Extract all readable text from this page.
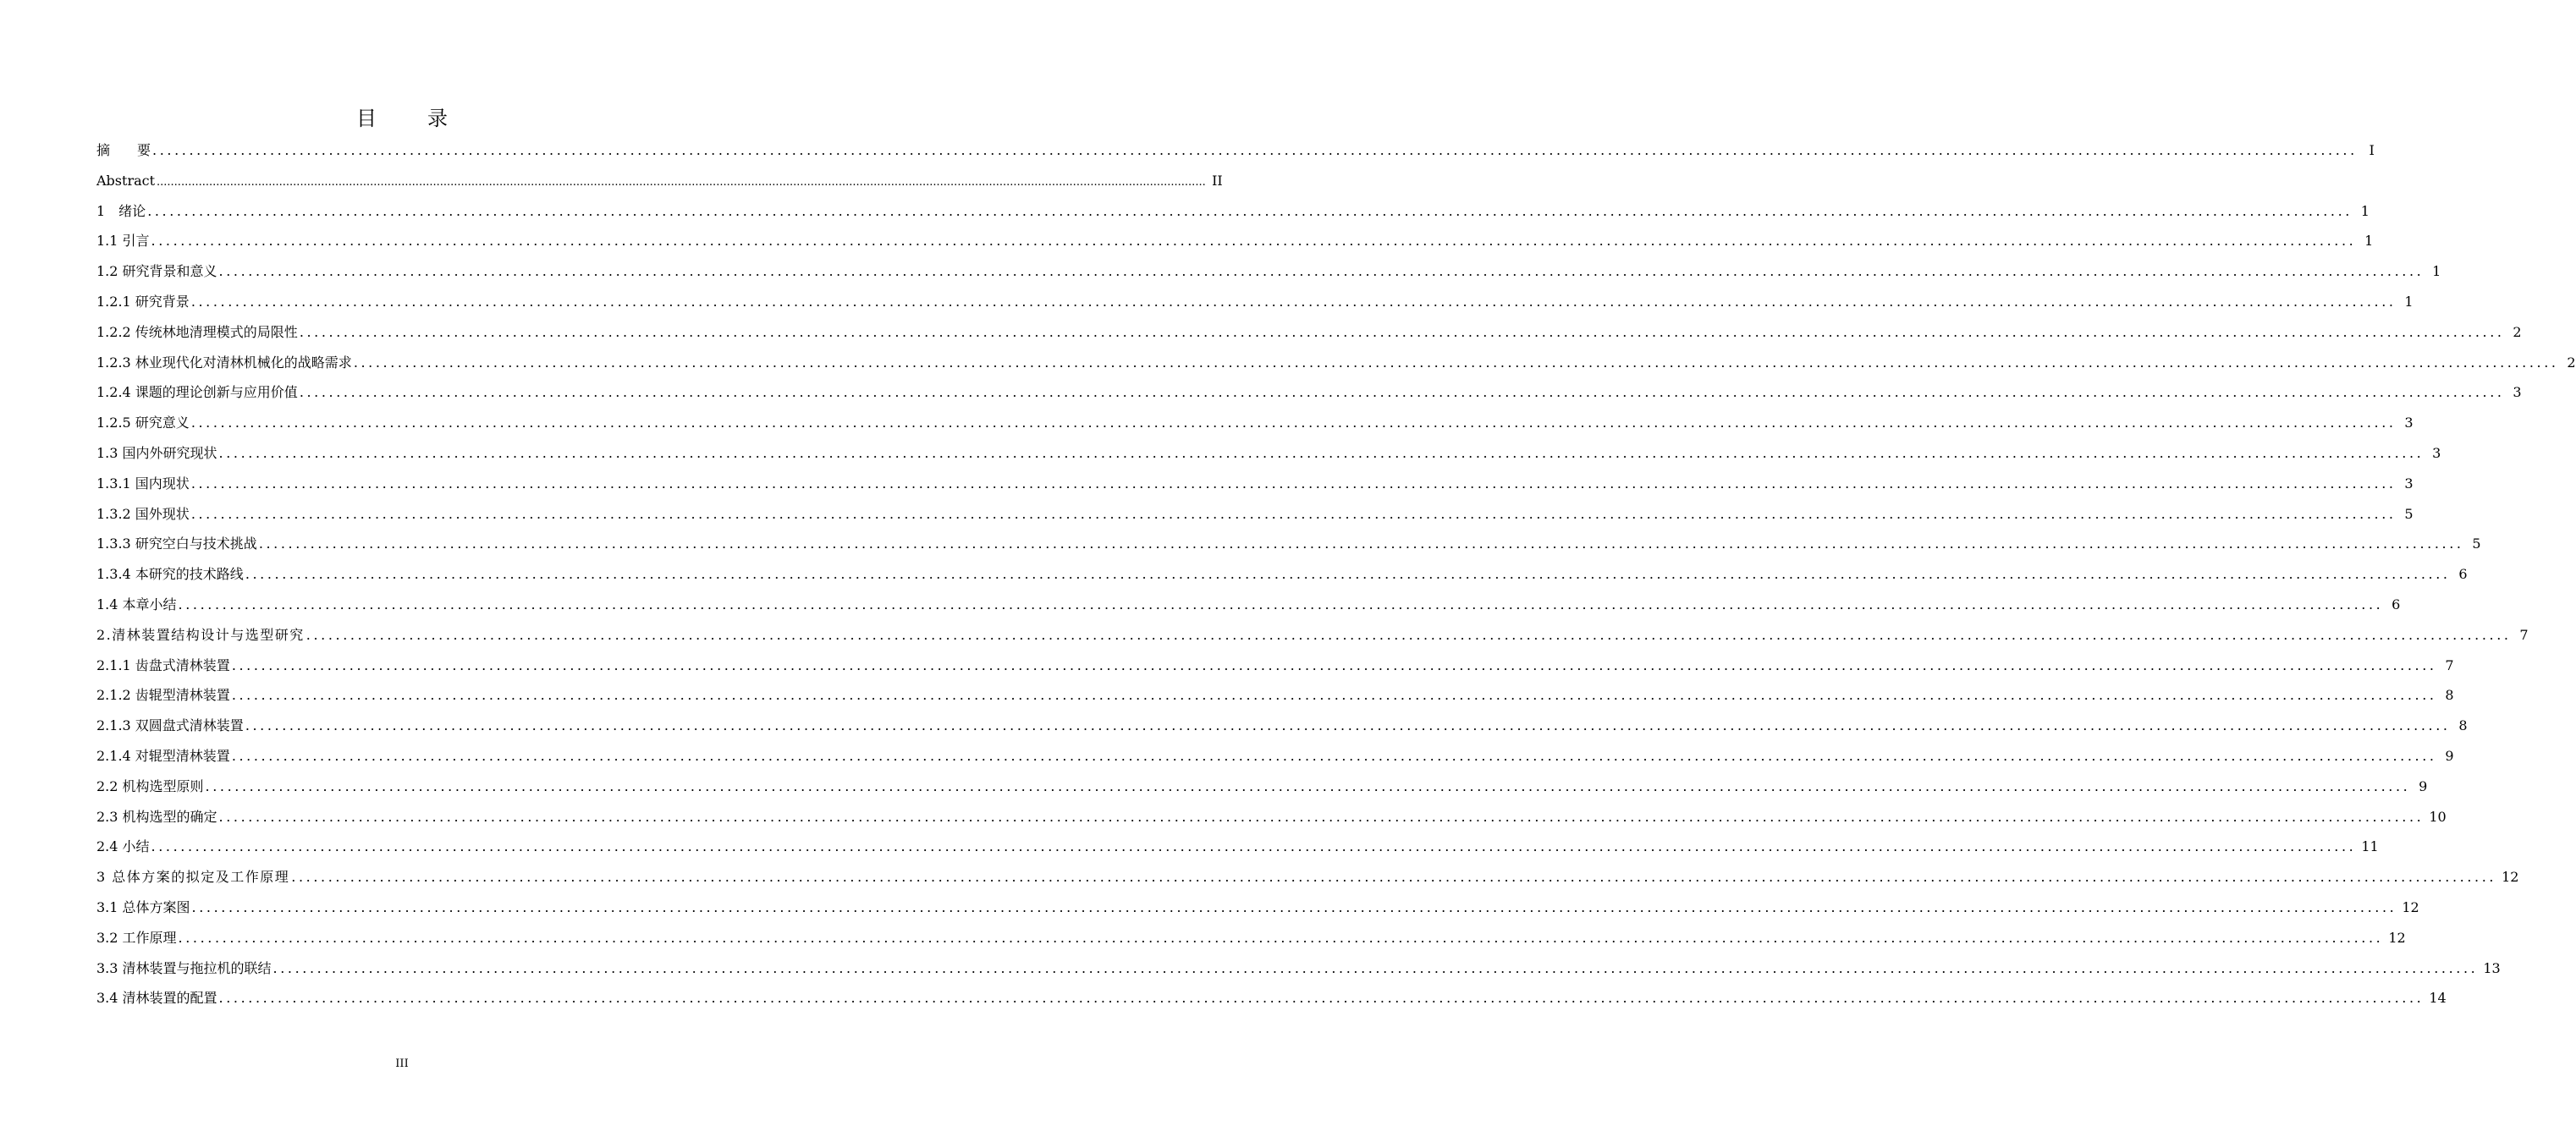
目　录
摘　　要 ............................................................................................................................................................................................................................................................................................................ I
Abstract ............................................................................................................................................................................................................................................................................................................ II
1　绪论 ............................................................................................................................................................................................................................................................................................................ 1
1.1 引言 ............................................................................................................................................................................................................................................................................................................ 1
1.2 研究背景和意义 ............................................................................................................................................................................................................................................................................................................ 1
1.2.1 研究背景 ............................................................................................................................................................................................................................................................................................................ 1
1.2.2 传统林地清理模式的局限性 ............................................................................................................................................................................................................................................................................................................ 2
1.2.3 林业现代化对清林机械化的战略需求 ............................................................................................................................................................................................................................................................................................................ 2
1.2.4 课题的理论创新与应用价值 ............................................................................................................................................................................................................................................................................................................ 3
1.2.5 研究意义 ............................................................................................................................................................................................................................................................................................................ 3
1.3 国内外研究现状 ............................................................................................................................................................................................................................................................................................................ 3
1.3.1 国内现状 ............................................................................................................................................................................................................................................................................................................ 3
1.3.2 国外现状 ............................................................................................................................................................................................................................................................................................................ 5
1.3.3 研究空白与技术挑战 ............................................................................................................................................................................................................................................................................................................ 5
1.3.4 本研究的技术路线 ............................................................................................................................................................................................................................................................................................................ 6
1.4 本章小结 ............................................................................................................................................................................................................................................................................................................ 6
2.清林装置结构设计与选型研究 ............................................................................................................................................................................................................................................................................................................ 7
2.1.1 齿盘式清林装置 ............................................................................................................................................................................................................................................................................................................ 7
2.1.2 齿辊型清林装置 ............................................................................................................................................................................................................................................................................................................ 8
2.1.3 双圆盘式清林装置 ............................................................................................................................................................................................................................................................................................................ 8
2.1.4 对辊型清林装置 ............................................................................................................................................................................................................................................................................................................ 9
2.2 机构选型原则 ............................................................................................................................................................................................................................................................................................................ 9
2.3 机构选型的确定 ............................................................................................................................................................................................................................................................................................................ 10
2.4 小结 ............................................................................................................................................................................................................................................................................................................ 11
3 总体方案的拟定及工作原理 ............................................................................................................................................................................................................................................................................................................ 12
3.1 总体方案图 ............................................................................................................................................................................................................................................................................................................ 12
3.2 工作原理 ............................................................................................................................................................................................................................................................................................................ 12
3.3 清林装置与拖拉机的联结 ............................................................................................................................................................................................................................................................................................................ 13
3.4 清林装置的配置 ............................................................................................................................................................................................................................................................................................................ 14
III
